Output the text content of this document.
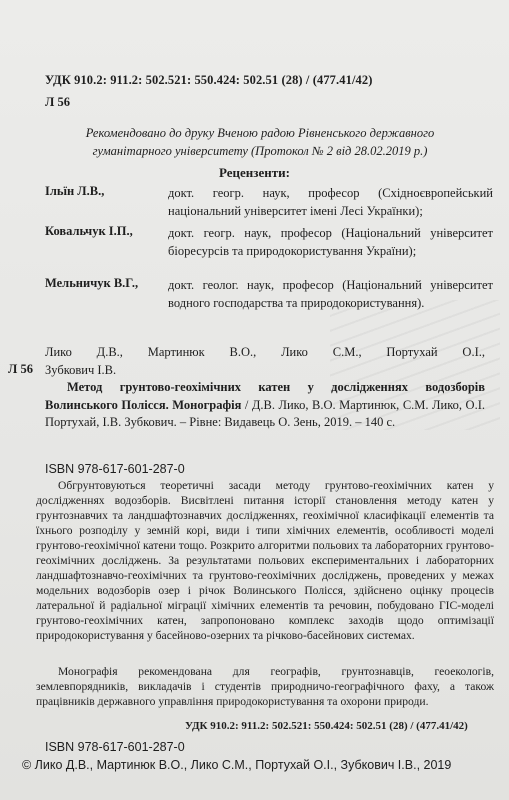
УДК 910.2: 911.2: 502.521: 550.424: 502.51 (28) / (477.41/42)
Л 56
Рекомендовано до друку Вченою радою Рівненського державного гуманітарного університету (Протокол № 2 від 28.02.2019 р.)
Рецензенти:
Ільїн Л.В.,	докт. геогр. наук, професор (Східноєвропейський національний університет імені Лесі Українки);
Ковальчук І.П.,	докт. геогр. наук, професор (Національний університет біоресурсів та природокористування України);
Мельничук В.Г., докт. геолог. наук, професор (Національний університет водного господарства та природокористування).
Л 56
Лико Д.В., Мартинюк В.О., Лико С.М., Портухай О.І.,
Зубкович І.В.
Метод грунтово-геохімічних катен у дослідженнях водозборів Волинського Полісся. Монографія / Д.В. Лико, В.О. Мартинюк, С.М. Лико, О.І. Портухай, І.В. Зубкович. – Рівне: Видавець О. Зень, 2019. – 140 с.
ISBN 978-617-601-287-0
Обгрунтовуються теоретичні засади методу грунтово-геохімічних катен у дослідженнях водозборів. Висвітлені питання історії становлення методу катен у грунтознавчих та ландшафтознавчих дослідженнях, геохімічної класифікації елементів та їхнього розподілу у земній корі, види і типи хімічних елементів, особливості моделі грунтово-геохімічної катени тощо. Розкрито алгоритми польових та лабораторних грунтово-геохімічних досліджень. За результатами польових експериментальних і лабораторних ландшафтознавчо-геохімічних та грунтово-геохімічних досліджень, проведених у межах модельних водозборів озер і річок Волинського Полісся, здійснено оцінку процесів латеральної й радіальної міграції хімічних елементів та речовин, побудовано ГІС-моделі грунтово-геохімічних катен, запропоновано комплекс заходів щодо оптимізації природокористування у басейново-озерних та річково-басейнових системах.
Монографія рекомендована для географів, грунтознавців, геоекологів, землевпорядників, викладачів і студентів природничо-географічного фаху, а також працівників державного управління природокористування та охорони природи.
УДК 910.2: 911.2: 502.521: 550.424: 502.51 (28) / (477.41/42)
ISBN 978-617-601-287-0
© Лико Д.В., Мартинюк В.О., Лико С.М., Портухай О.І., Зубкович І.В., 2019
